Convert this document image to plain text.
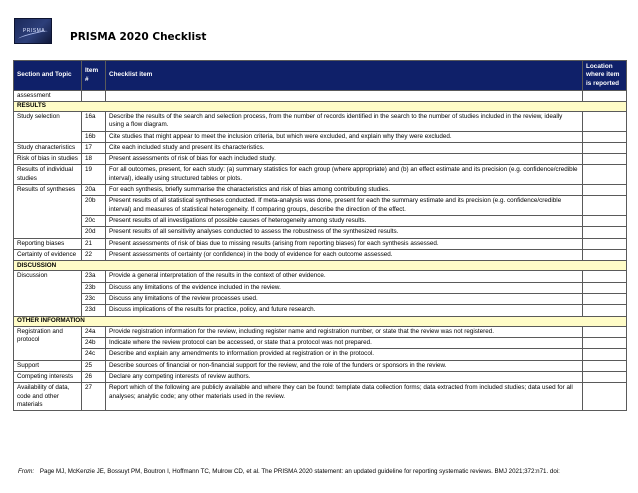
PRISMA	PRISMA 2020 Checklist
Section and Topic	Item #	Checklist item	Location where item is reported
assessment			
RESULTS			
Study selection	16a	Describe the results of the search and selection process, from the number of records identified in the search to the number of studies included in the review, ideally using a flow diagram.	
	16b	Cite studies that might appear to meet the inclusion criteria, but which were excluded, and explain why they were excluded.	
Study characteristics	17	Cite each included study and present its characteristics.	
Risk of bias in studies	18	Present assessments of risk of bias for each included study.	
Results of individual studies	19	For all outcomes, present, for each study: (a) summary statistics for each group (where appropriate) and (b) an effect estimate and its precision (e.g. confidence/credible interval), ideally using structured tables or plots.	
Results of syntheses	20a	For each synthesis, briefly summarise the characteristics and risk of bias among contributing studies.	
	20b	Present results of all statistical syntheses conducted. If meta-analysis was done, present for each the summary estimate and its precision (e.g. confidence/credible interval) and measures of statistical heterogeneity. If comparing groups, describe the direction of the effect.	
	20c	Present results of all investigations of possible causes of heterogeneity among study results.	
	20d	Present results of all sensitivity analyses conducted to assess the robustness of the synthesized results.	
Reporting biases	21	Present assessments of risk of bias due to missing results (arising from reporting biases) for each synthesis assessed.	
Certainty of evidence	22	Present assessments of certainty (or confidence) in the body of evidence for each outcome assessed.	
DISCUSSION			
Discussion	23a	Provide a general interpretation of the results in the context of other evidence.	
	23b	Discuss any limitations of the evidence included in the review.	
	23c	Discuss any limitations of the review processes used.	
	23d	Discuss implications of the results for practice, policy, and future research.	
OTHER INFORMATION			
Registration and protocol	24a	Provide registration information for the review, including register name and registration number, or state that the review was not registered.	
	24b	Indicate where the review protocol can be accessed, or state that a protocol was not prepared.	
	24c	Describe and explain any amendments to information provided at registration or in the protocol.	
Support	25	Describe sources of financial or non-financial support for the review, and the role of the funders or sponsors in the review.	
Competing interests	26	Declare any competing interests of review authors.	
Availability of data, code and other materials	27	Report which of the following are publicly available and where they can be found: template data collection forms; data extracted from included studies; data used for all analyses; analytic code; any other materials used in the review.	
From: Page MJ, McKenzie JE, Bossuyt PM, Boutron I, Hoffmann TC, Mulrow CD, et al. The PRISMA 2020 statement: an updated guideline for reporting systematic reviews. BMJ 2021;372:n71. doi:
